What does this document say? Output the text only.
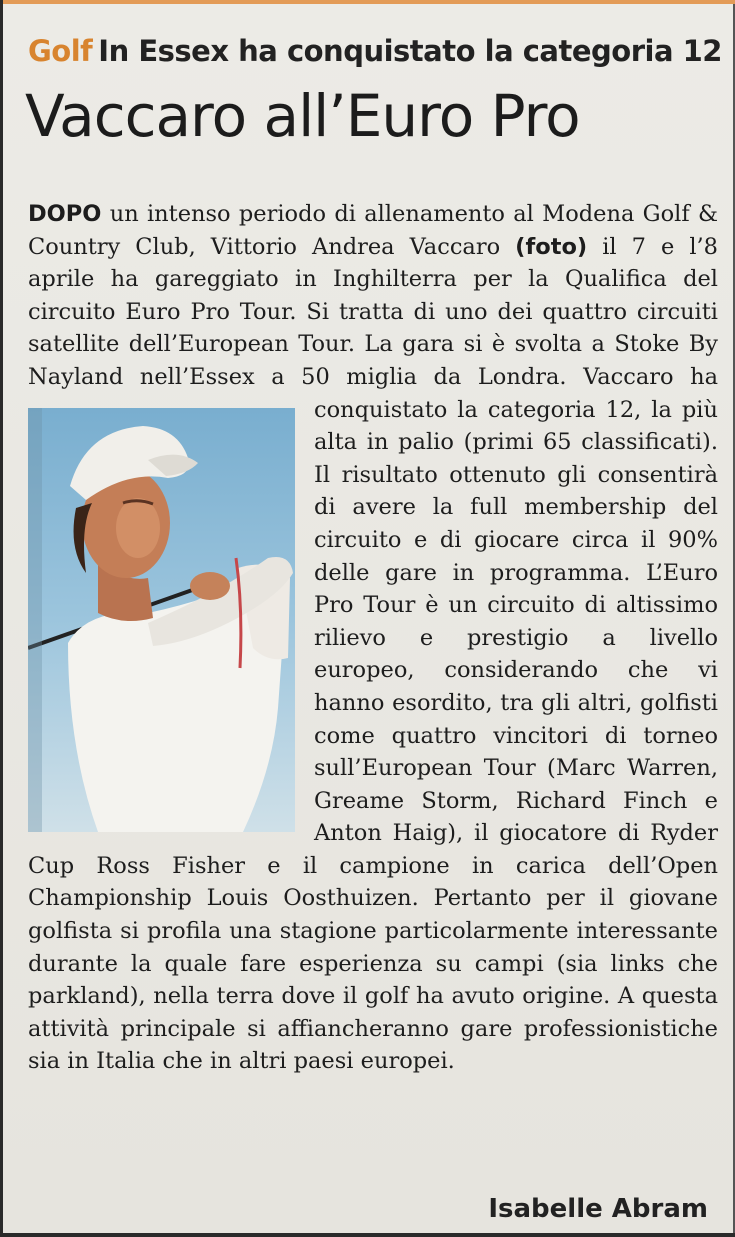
Golf In Essex ha conquistato la categoria 12
Vaccaro all’Euro Pro
DOPO un intenso periodo di allenamento al Modena Golf & Country Club, Vittorio Andrea Vaccaro (foto) il 7 e l’8 aprile ha gareggiato in Inghilterra per la Qualifica del circuito Euro Pro Tour. Si tratta di uno dei quattro circuiti satellite dell’European Tour. La gara si è svolta a Stoke By Nayland nell’Essex a 50 miglia da Londra. Vaccaro ha conquistato la
categoria 12, la più alta in palio (primi 65 classificati). Il risultato ottenuto gli consentirà di avere la full membership del circuito e di giocare circa il 90% delle gare in programma. L’Euro Pro Tour è un circuito di altissimo rilievo e prestigio a livello europeo, considerando che vi hanno esordito, tra gli altri, golfisti come quattro vincitori di torneo sull’European Tour (Marc Warren, Greame Storm, Richard Finch e Anton Haig), il giocatore di Ryder Cup Ross Fisher e il campione in carica dell’Open Championship Louis Oosthuizen. Pertanto per il giovane golfista si profila una stagione particolarmente interessante durante la quale fare esperienza su campi (sia links che parkland), nella terra dove il golf ha avuto origine. A questa attività principale si affiancheranno gare professionistiche sia in Italia che in altri paesi europei.
Isabelle Abram
